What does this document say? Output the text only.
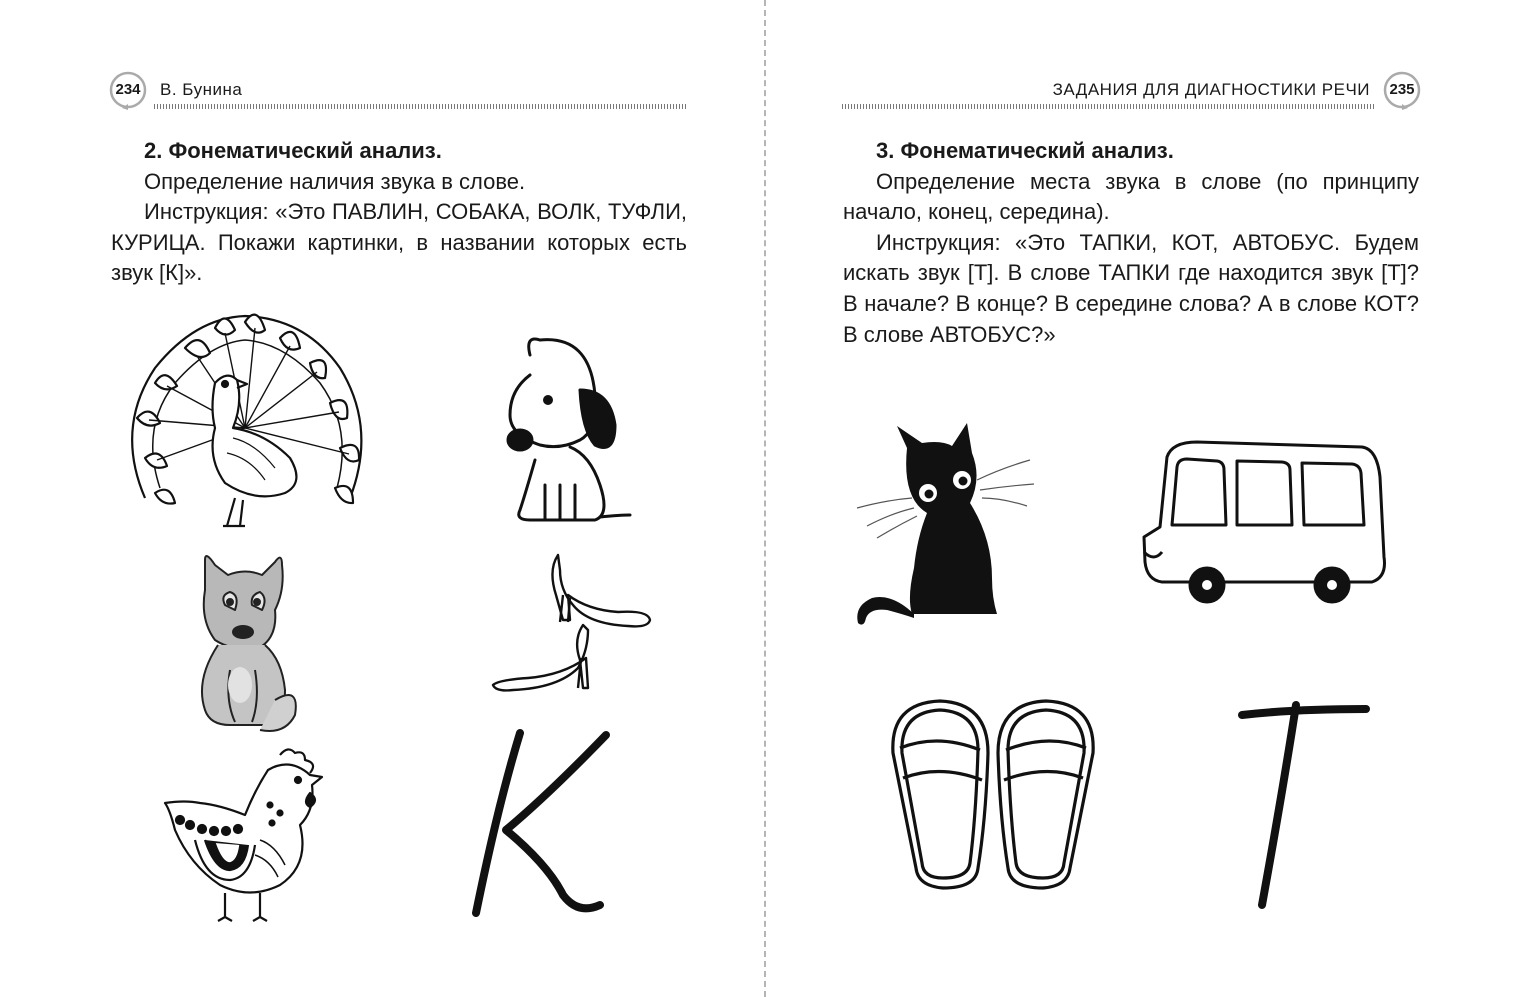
234	В. Бунина

2. Фонематический анализ.

Определение наличия звука в слове.

Инструкция: «Это ПАВЛИН, СОБАКА, ВОЛК, ТУФЛИ, КУРИЦА. Покажи картинки, в названии которых есть звук [К]».

ЗАДАНИЯ ДЛЯ ДИАГНОСТИКИ РЕЧИ	235

3. Фонематический анализ.

Определение места звука в слове (по принципу начало, конец, середина).

Инструкция: «Это ТАПКИ, КОТ, АВТОБУС. Будем искать звук [Т]. В слове ТАПКИ где находится звук [Т]? В начале? В конце? В середине слова? А в слове КОТ? В слове АВТОБУС?»
